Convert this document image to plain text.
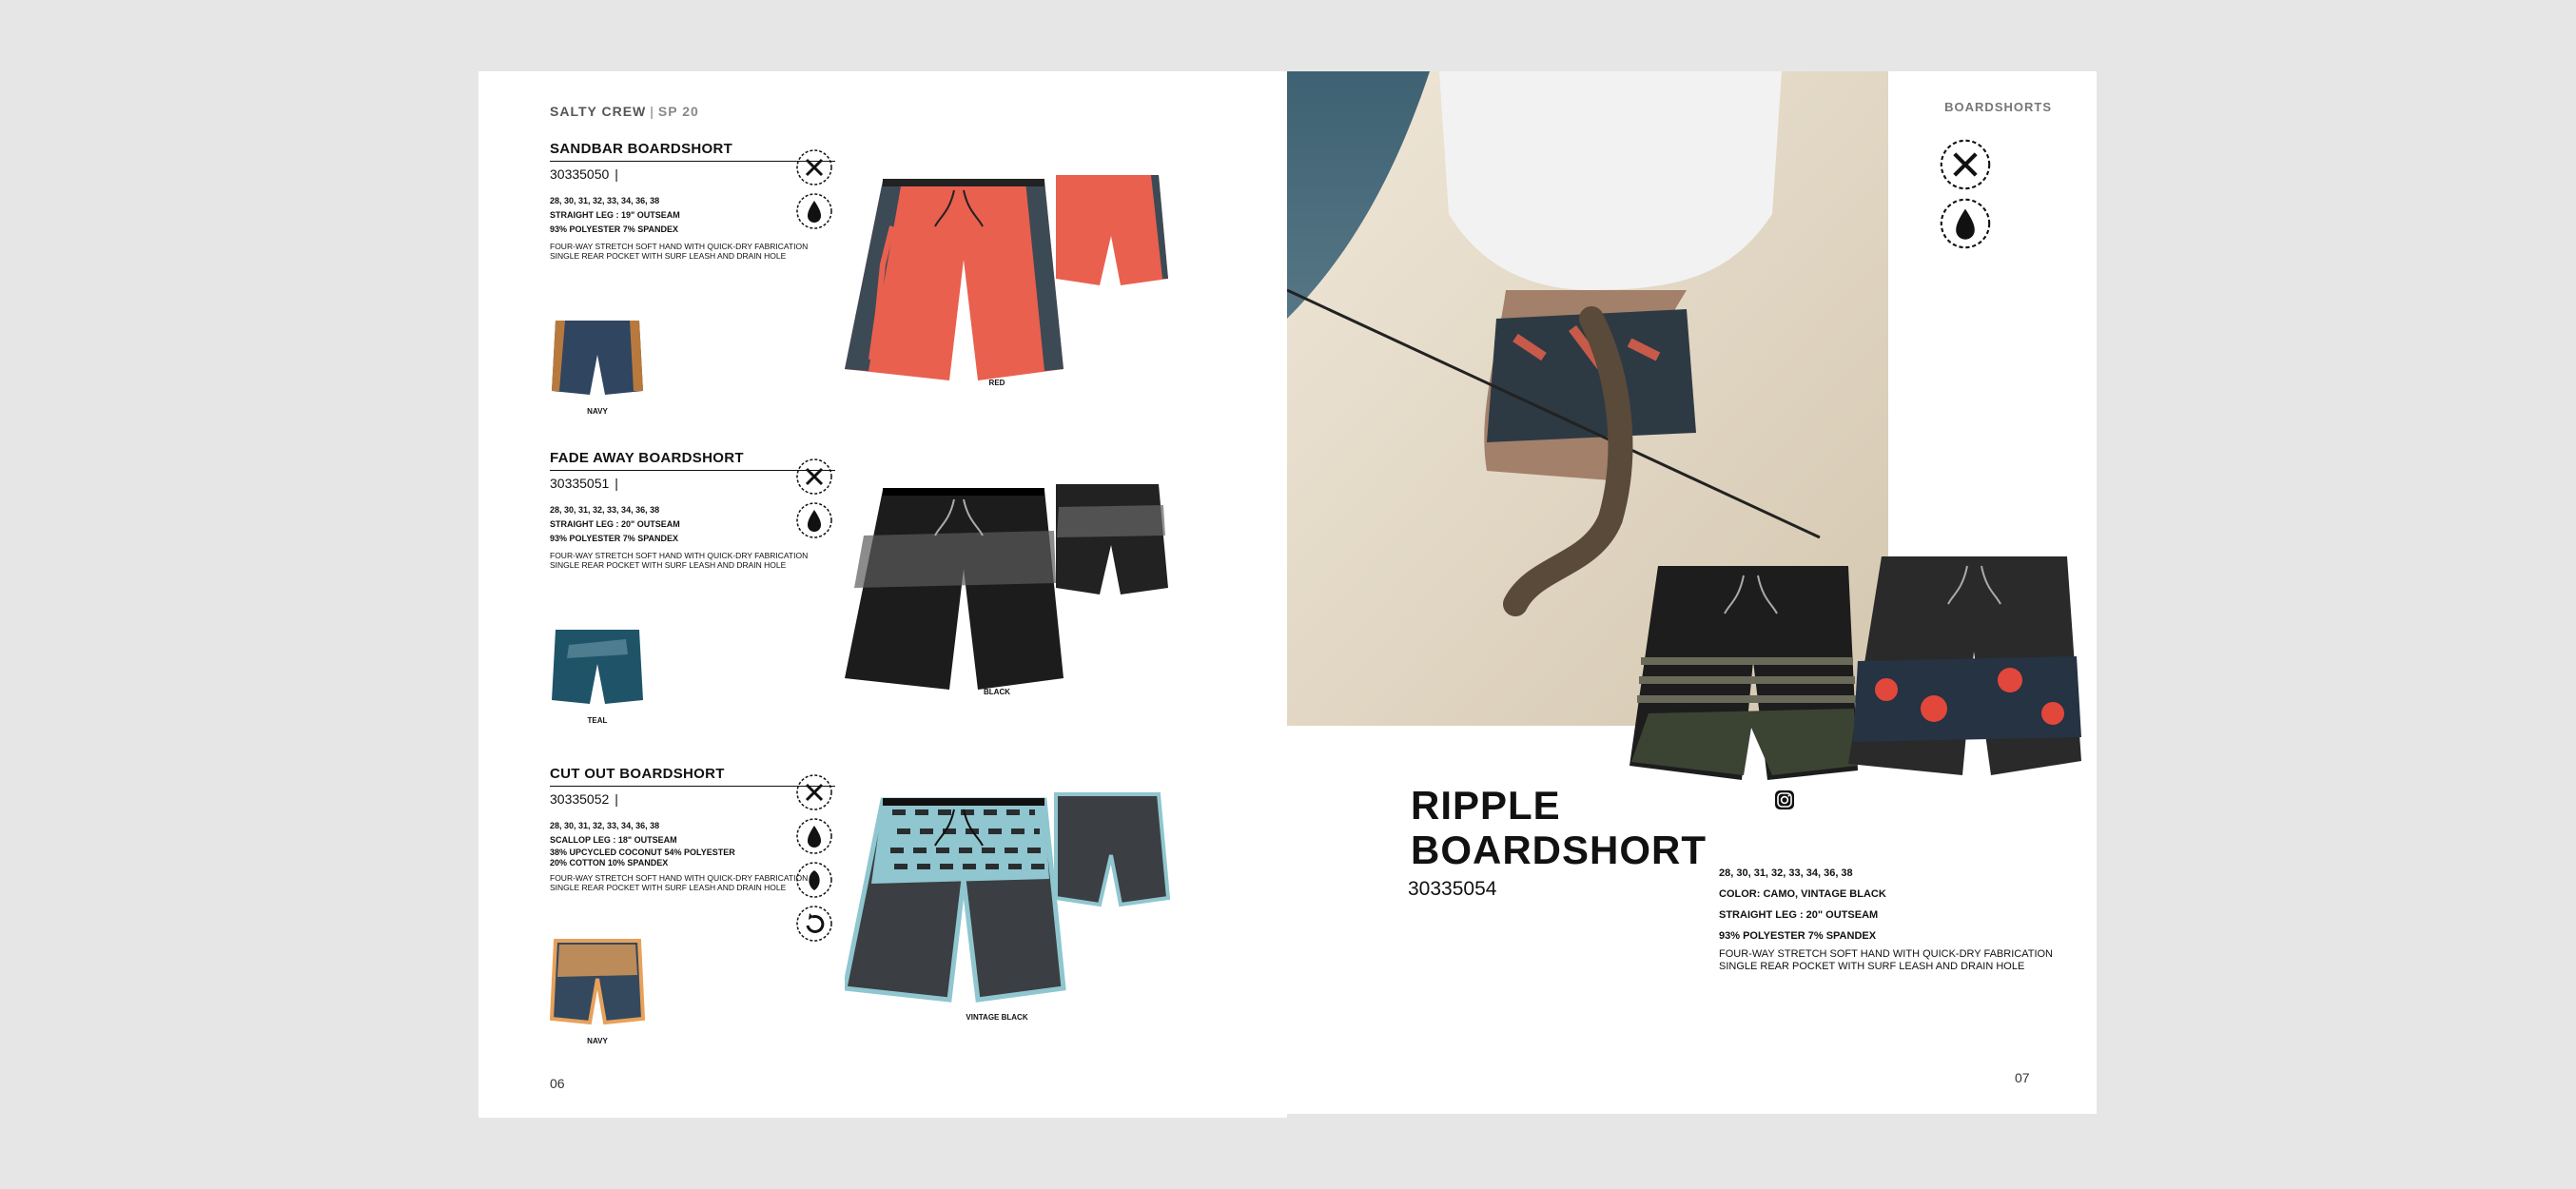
SALTY CREW | SP 20
SANDBAR BOARDSHORT
30335050 |
28, 30, 31, 32, 33, 34, 36, 38
STRAIGHT LEG : 19" OUTSEAM
93% POLYESTER 7% SPANDEX
FOUR-WAY STRETCH SOFT HAND WITH QUICK-DRY FABRICATION
SINGLE REAR POCKET WITH SURF LEASH AND DRAIN HOLE
NAVY
RED
FADE AWAY BOARDSHORT
30335051 |
28, 30, 31, 32, 33, 34, 36, 38
STRAIGHT LEG : 20" OUTSEAM
93% POLYESTER 7% SPANDEX
FOUR-WAY STRETCH SOFT HAND WITH QUICK-DRY FABRICATION
SINGLE REAR POCKET WITH SURF LEASH AND DRAIN HOLE
TEAL
BLACK
CUT OUT BOARDSHORT
30335052 |
28, 30, 31, 32, 33, 34, 36, 38
SCALLOP LEG : 18" OUTSEAM
38% UPCYCLED COCONUT 54% POLYESTER
20% COTTON 10% SPANDEX
FOUR-WAY STRETCH SOFT HAND WITH QUICK-DRY FABRICATION
SINGLE REAR POCKET WITH SURF LEASH AND DRAIN HOLE
NAVY
VINTAGE BLACK
06
BOARDSHORTS
RIPPLE
BOARDSHORT
30335054
28, 30, 31, 32, 33, 34, 36, 38
COLOR: CAMO, VINTAGE BLACK
STRAIGHT LEG : 20" OUTSEAM
93% POLYESTER 7% SPANDEX
FOUR-WAY STRETCH SOFT HAND WITH QUICK-DRY FABRICATION
SINGLE REAR POCKET WITH SURF LEASH AND DRAIN HOLE
07
